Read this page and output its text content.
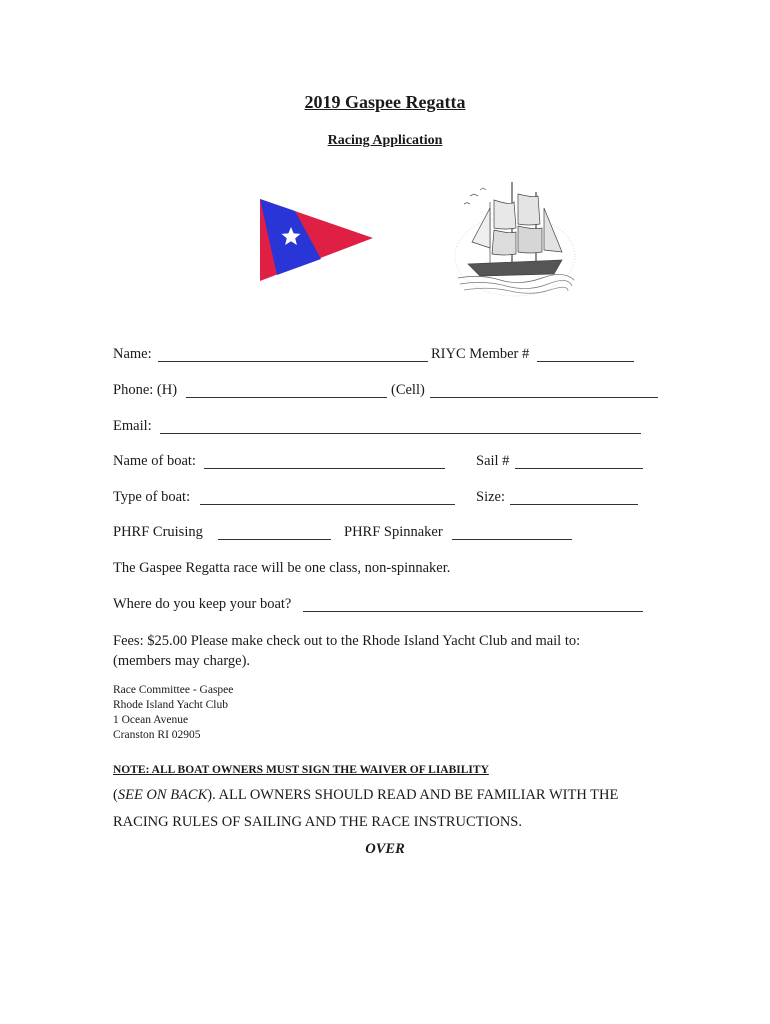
2019 Gaspee Regatta
Racing Application
Name:	RIYC Member #
Phone: (H)	(Cell)
Email:
Name of boat:	Sail #
Type of boat:	Size:
PHRF Cruising	PHRF Spinnaker
The Gaspee Regatta race will be one class, non-spinnaker.
Where do you keep your boat?
Fees: $25.00 Please make check out to the Rhode Island Yacht Club and mail to:
(members may charge).
Race Committee - Gaspee
Rhode Island Yacht Club
1 Ocean Avenue
Cranston RI 02905
NOTE: ALL BOAT OWNERS MUST SIGN THE WAIVER OF LIABILITY
(SEE ON BACK). ALL OWNERS SHOULD READ AND BE FAMILIAR WITH THE
RACING RULES OF SAILING AND THE RACE INSTRUCTIONS.
OVER
